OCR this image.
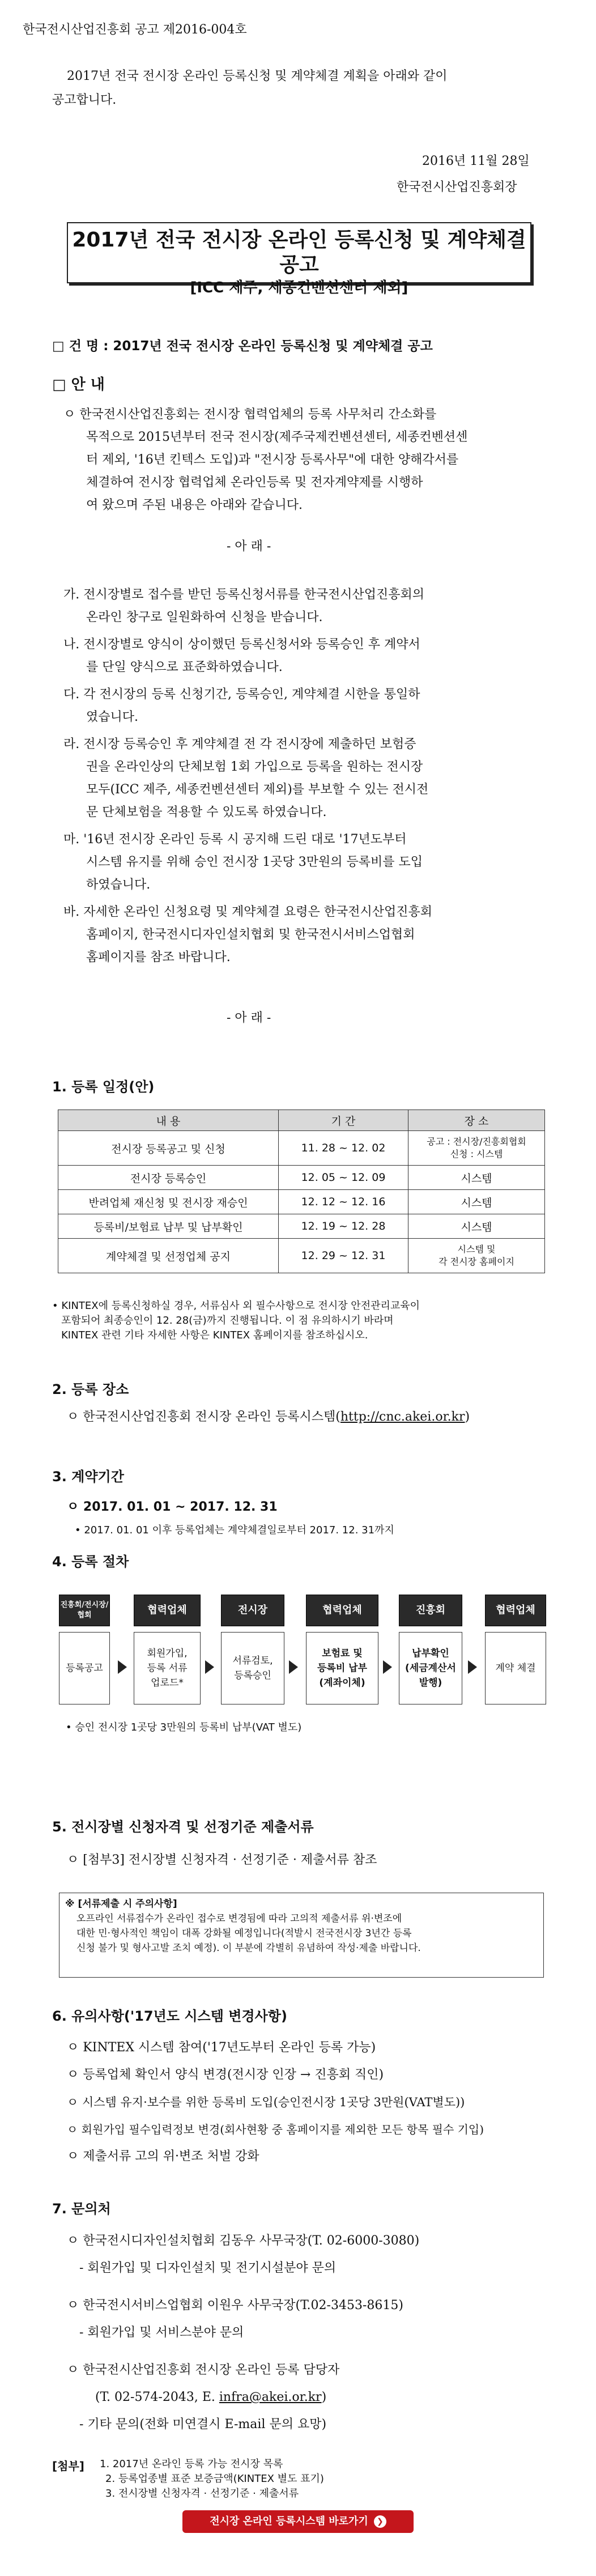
한국전시산업진흥회 공고 제2016-004호
2017년 전국 전시장 온라인 등록신청 및 계약체결 계획을 아래와 같이
공고합니다.
2016년 11월 28일
한국전시산업진흥회장
2017년 전국 전시장 온라인 등록신청 및 계약체결 공고
[ICC 제주, 세종컨벤션센터 제외]
□ 건 명 : 2017년 전국 전시장 온라인 등록신청 및 계약체결 공고
□ 안 내
ㅇ 한국전시산업진흥회는 전시장 협력업체의 등록 사무처리 간소화를
목적으로 2015년부터 전국 전시장(제주국제컨벤션센터, 세종컨벤션센
터 제외, '16년 킨텍스 도입)과 "전시장 등록사무"에 대한 양해각서를
체결하여 전시장 협력업체 온라인등록 및 전자계약제를 시행하
여 왔으며 주된 내용은 아래와 같습니다.
- 아 래 -
가. 전시장별로 접수를 받던 등록신청서류를 한국전시산업진흥회의
온라인 창구로 일원화하여 신청을 받습니다.
나. 전시장별로 양식이 상이했던 등록신청서와 등록승인 후 계약서
를 단일 양식으로 표준화하였습니다.
다. 각 전시장의 등록 신청기간, 등록승인, 계약체결 시한을 통일하
였습니다.
라. 전시장 등록승인 후 계약체결 전 각 전시장에 제출하던 보험증
권을 온라인상의 단체보험 1회 가입으로 등록을 원하는 전시장
모두(ICC 제주, 세종컨벤션센터 제외)를 부보할 수 있는 전시전
문 단체보험을 적용할 수 있도록 하였습니다.
마. '16년 전시장 온라인 등록 시 공지해 드린 대로 '17년도부터
시스템 유지를 위해 승인 전시장 1곳당 3만원의 등록비를 도입
하였습니다.
바. 자세한 온라인 신청요령 및 계약체결 요령은 한국전시산업진흥회
홈페이지, 한국전시디자인설치협회 및 한국전시서비스업협회
홈페이지를 참조 바랍니다.
- 아 래 -
1. 등록 일정(안)
내 용	기 간	장 소
전시장 등록공고 및 신청	11. 28 ~ 12. 02	공고 : 전시장/진흥회협회
신청 : 시스템

전시장 등록승인	12. 05 ~ 12. 09	시스템
반려업체 재신청 및 전시장 재승인	12. 12 ~ 12. 16	시스템
등록비/보험료 납부 및 납부확인	12. 19 ~ 12. 28	시스템
계약체결 및 선정업체 공지	12. 29 ~ 12. 31	시스템 및
각 전시장 홈페이지
• KINTEX에 등록신청하실 경우, 서류심사 외 필수사항으로 전시장 안전관리교육이
포함되어 최종승인이 12. 28(금)까지 진행됩니다. 이 점 유의하시기 바라며
KINTEX 관련 기타 자세한 사항은 KINTEX 홈페이지를 참조하십시오.
2. 등록 장소
ㅇ 한국전시산업진흥회 전시장 온라인 등록시스템(http://cnc.akei.or.kr)
3. 계약기간
ㅇ 2017. 01. 01 ~ 2017. 12. 31
• 2017. 01. 01 이후 등록업체는 계약체결일로부터 2017. 12. 31까지
4. 등록 절차
진흥회/전시장/협회
등록공고
협력업체
회원가입,
등록 서류
업로드*
전시장
서류검토,
등록승인
협력업체
보험료 및
등록비 납부
(계좌이체)
진흥회
납부확인
(세금계산서
발행)
협력업체
계약 체결
• 승인 전시장 1곳당 3만원의 등록비 납부(VAT 별도)
5. 전시장별 신청자격 및 선정기준 제출서류
ㅇ [첨부3] 전시장별 신청자격 · 선정기준 · 제출서류 참조
※ [서류제출 시 주의사항]
오프라인 서류접수가 온라인 접수로 변경됨에 따라 고의적 제출서류 위·변조에
대한 민·형사적인 책임이 대폭 강화될 예정입니다(적발시 전국전시장 3년간 등록
신청 불가 및 형사고발 조치 예정). 이 부분에 각별히 유념하여 작성·제출 바랍니다.
6. 유의사항('17년도 시스템 변경사항)
ㅇ KINTEX 시스템 참여('17년도부터 온라인 등록 가능)
ㅇ 등록업체 확인서 양식 변경(전시장 인장 → 진흥회 직인)
ㅇ 시스템 유지·보수를 위한 등록비 도입(승인전시장 1곳당 3만원(VAT별도))
ㅇ 회원가입 필수입력정보 변경(회사현황 중 홈페이지를 제외한 모든 항목 필수 기입)
ㅇ 제출서류 고의 위·변조 처벌 강화
7. 문의처
ㅇ 한국전시디자인설치협회 김동우 사무국장(T. 02-6000-3080)
- 회원가입 및 디자인설치 및 전기시설분야 문의
ㅇ 한국전시서비스업협회 이원우 사무국장(T.02-3453-8615)
- 회원가입 및 서비스분야 문의
ㅇ 한국전시산업진흥회 전시장 온라인 등록 담당자
(T. 02-574-2043, E. infra@akei.or.kr)
- 기타 문의(전화 미연결시 E-mail 문의 요망)
[첨부] 1. 2017년 온라인 등록 가능 전시장 목록
2. 등록업종별 표준 보증금액(KINTEX 별도 표기)
3. 전시장별 신청자격 · 선정기준 · 제출서류
전시장 온라인 등록시스템 바로가기 ❯
